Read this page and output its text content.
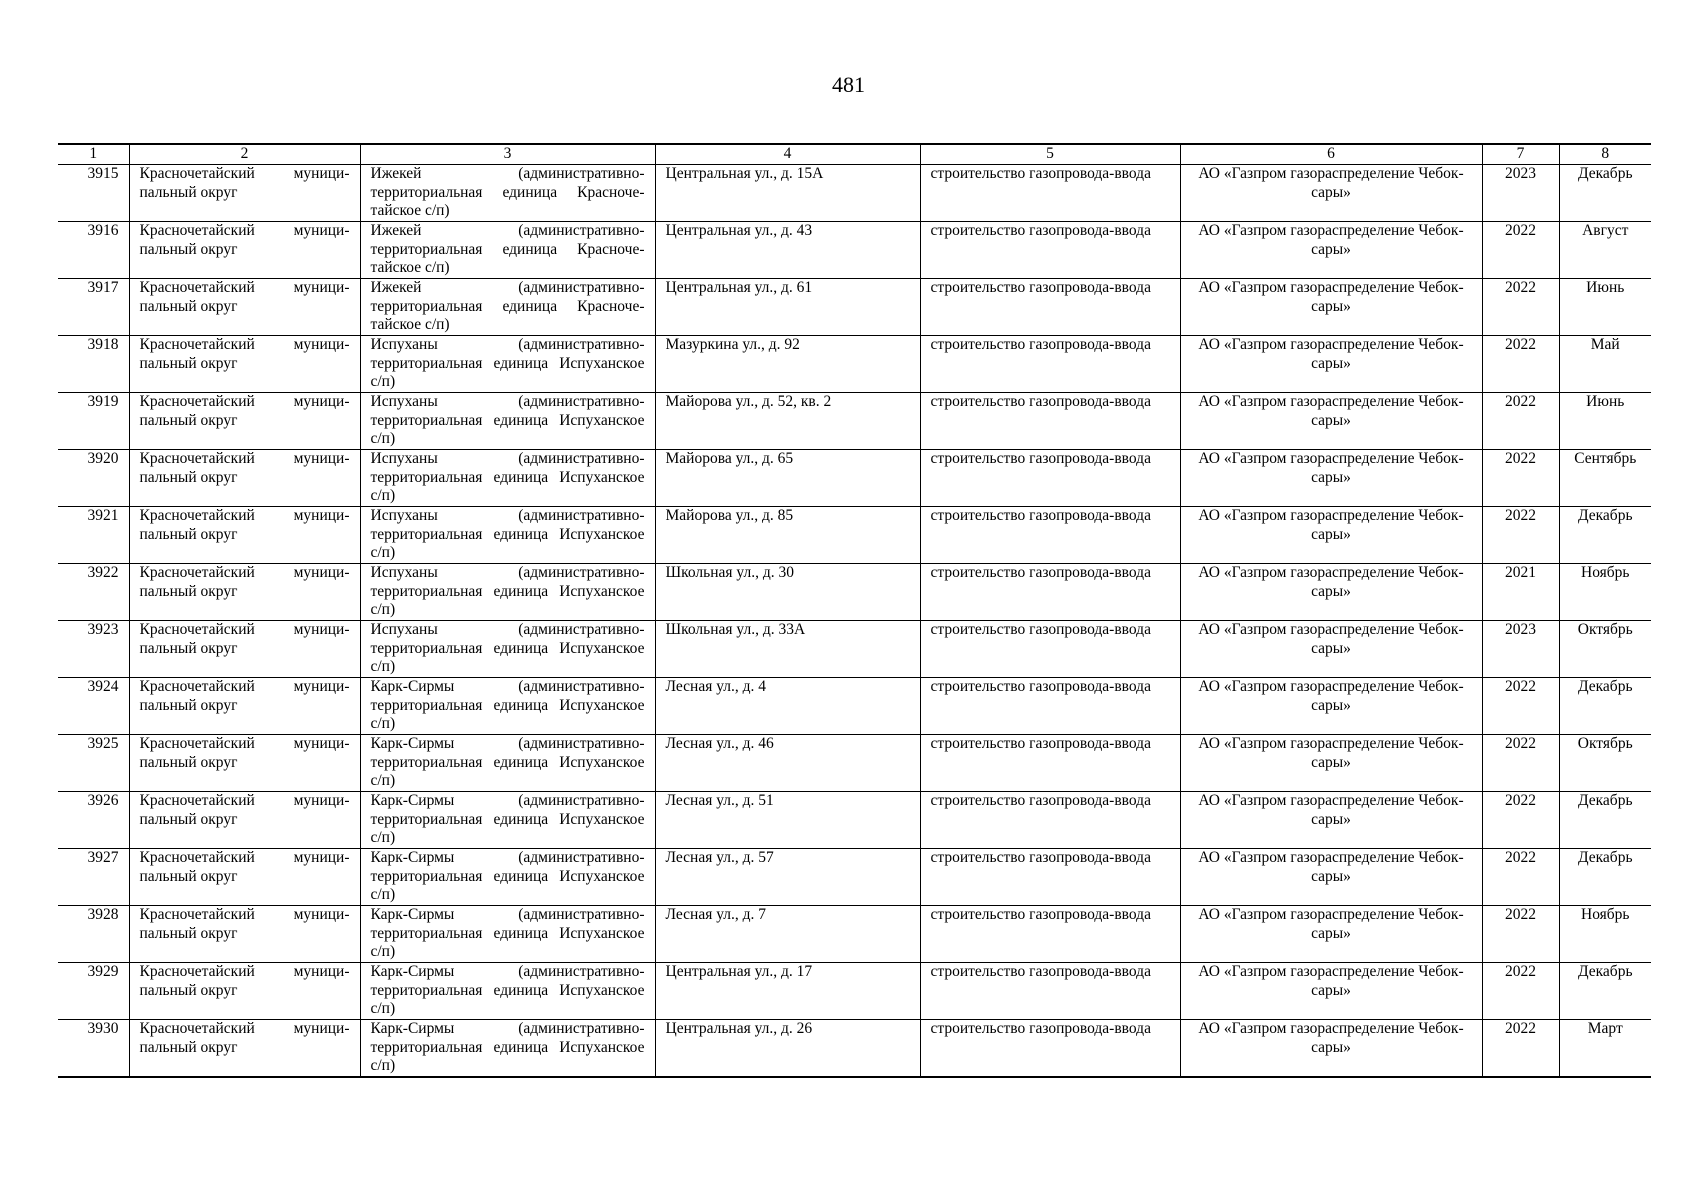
481
1	2	3	4	5	6	7	8
3915	Красночетайский муници-пальный округ	Ижекей (административно-территориальная единица Красноче-тайское с/п)	Центральная ул., д. 15А	строительство газопровода-ввода	АО «Газпром газораспределение Чебок-сары»	2023	Декабрь
3916	Красночетайский муници-пальный округ	Ижекей (административно-территориальная единица Красноче-тайское с/п)	Центральная ул., д. 43	строительство газопровода-ввода	АО «Газпром газораспределение Чебок-сары»	2022	Август
3917	Красночетайский муници-пальный округ	Ижекей (административно-территориальная единица Красноче-тайское с/п)	Центральная ул., д. 61	строительство газопровода-ввода	АО «Газпром газораспределение Чебок-сары»	2022	Июнь
3918	Красночетайский муници-пальный округ	Испуханы (административно-территориальная единица Испуханское с/п)	Мазуркина ул., д. 92	строительство газопровода-ввода	АО «Газпром газораспределение Чебок-сары»	2022	Май
3919	Красночетайский муници-пальный округ	Испуханы (административно-территориальная единица Испуханское с/п)	Майорова ул., д. 52, кв. 2	строительство газопровода-ввода	АО «Газпром газораспределение Чебок-сары»	2022	Июнь
3920	Красночетайский муници-пальный округ	Испуханы (административно-территориальная единица Испуханское с/п)	Майорова ул., д. 65	строительство газопровода-ввода	АО «Газпром газораспределение Чебок-сары»	2022	Сентябрь
3921	Красночетайский муници-пальный округ	Испуханы (административно-территориальная единица Испуханское с/п)	Майорова ул., д. 85	строительство газопровода-ввода	АО «Газпром газораспределение Чебок-сары»	2022	Декабрь
3922	Красночетайский муници-пальный округ	Испуханы (административно-территориальная единица Испуханское с/п)	Школьная ул., д. 30	строительство газопровода-ввода	АО «Газпром газораспределение Чебок-сары»	2021	Ноябрь
3923	Красночетайский муници-пальный округ	Испуханы (административно-территориальная единица Испуханское с/п)	Школьная ул., д. 33А	строительство газопровода-ввода	АО «Газпром газораспределение Чебок-сары»	2023	Октябрь
3924	Красночетайский муници-пальный округ	Карк-Сирмы (административно-территориальная единица Испуханское с/п)	Лесная ул., д. 4	строительство газопровода-ввода	АО «Газпром газораспределение Чебок-сары»	2022	Декабрь
3925	Красночетайский муници-пальный округ	Карк-Сирмы (административно-территориальная единица Испуханское с/п)	Лесная ул., д. 46	строительство газопровода-ввода	АО «Газпром газораспределение Чебок-сары»	2022	Октябрь
3926	Красночетайский муници-пальный округ	Карк-Сирмы (административно-территориальная единица Испуханское с/п)	Лесная ул., д. 51	строительство газопровода-ввода	АО «Газпром газораспределение Чебок-сары»	2022	Декабрь
3927	Красночетайский муници-пальный округ	Карк-Сирмы (административно-территориальная единица Испуханское с/п)	Лесная ул., д. 57	строительство газопровода-ввода	АО «Газпром газораспределение Чебок-сары»	2022	Декабрь
3928	Красночетайский муници-пальный округ	Карк-Сирмы (административно-территориальная единица Испуханское с/п)	Лесная ул., д. 7	строительство газопровода-ввода	АО «Газпром газораспределение Чебок-сары»	2022	Ноябрь
3929	Красночетайский муници-пальный округ	Карк-Сирмы (административно-территориальная единица Испуханское с/п)	Центральная ул., д. 17	строительство газопровода-ввода	АО «Газпром газораспределение Чебок-сары»	2022	Декабрь
3930	Красночетайский муници-пальный округ	Карк-Сирмы (административно-территориальная единица Испуханское с/п)	Центральная ул., д. 26	строительство газопровода-ввода	АО «Газпром газораспределение Чебок-сары»	2022	Март
